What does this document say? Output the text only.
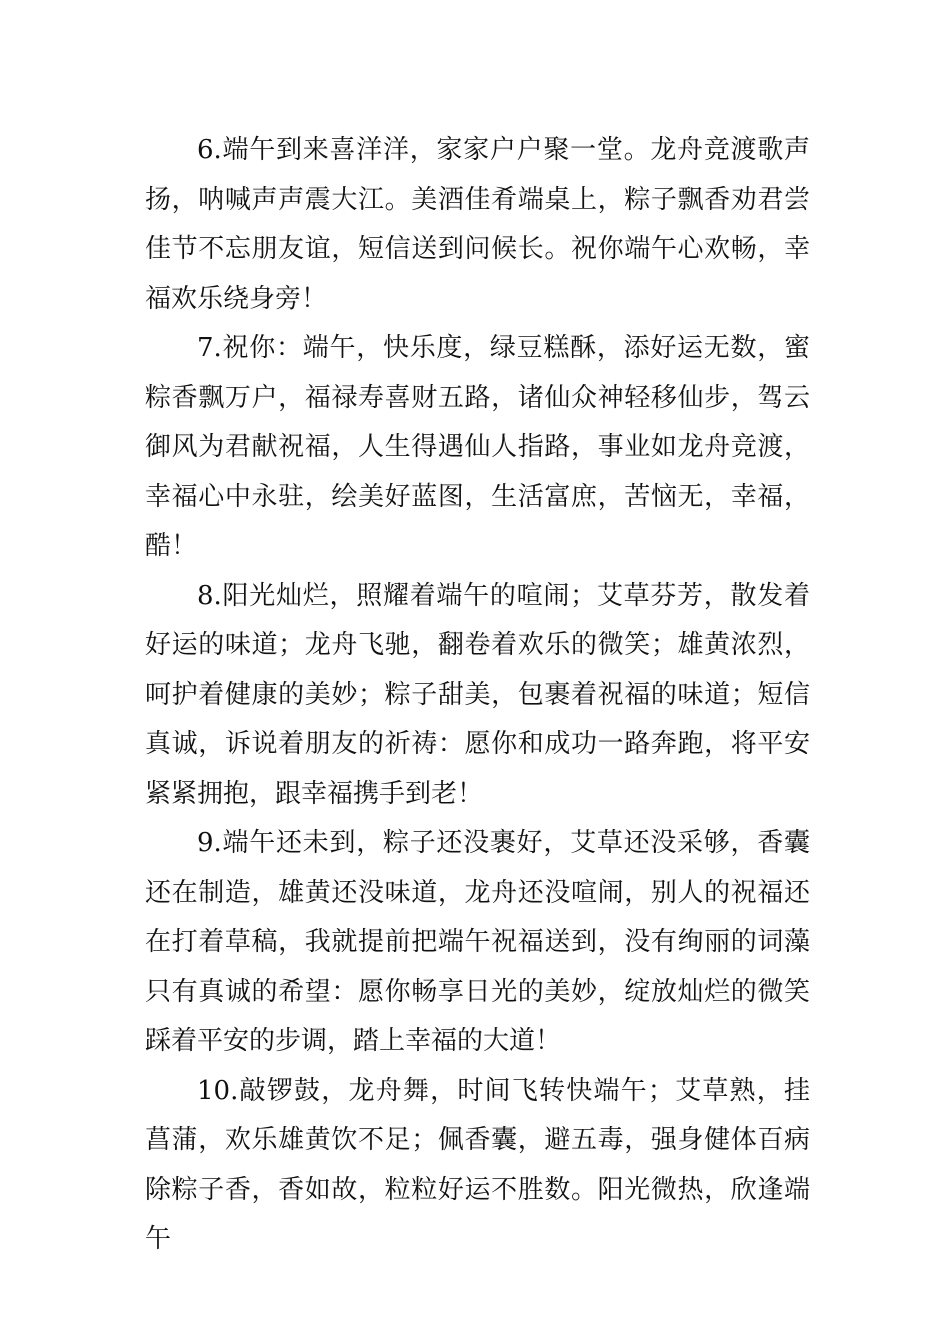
6.端午到来喜洋洋，家家户户聚一堂。龙舟竞渡歌声扬，呐喊声声震大江。美酒佳肴端桌上，粽子飘香劝君尝佳节不忘朋友谊，短信送到问候长。祝你端午心欢畅，幸福欢乐绕身旁！

7.祝你：端午，快乐度，绿豆糕酥，添好运无数，蜜粽香飘万户，福禄寿喜财五路，诸仙众神轻移仙步，驾云御风为君献祝福，人生得遇仙人指路，事业如龙舟竞渡，幸福心中永驻，绘美好蓝图，生活富庶，苦恼无，幸福，酷！

8.阳光灿烂，照耀着端午的喧闹；艾草芬芳，散发着好运的味道；龙舟飞驰，翻卷着欢乐的微笑；雄黄浓烈，呵护着健康的美妙；粽子甜美，包裹着祝福的味道；短信真诚，诉说着朋友的祈祷：愿你和成功一路奔跑，将平安紧紧拥抱，跟幸福携手到老！

9.端午还未到，粽子还没裹好，艾草还没采够，香囊还在制造，雄黄还没味道，龙舟还没喧闹，别人的祝福还在打着草稿，我就提前把端午祝福送到，没有绚丽的词藻只有真诚的希望：愿你畅享日光的美妙，绽放灿烂的微笑踩着平安的步调，踏上幸福的大道！

10.敲锣鼓，龙舟舞，时间飞转快端午；艾草熟，挂菖蒲，欢乐雄黄饮不足；佩香囊，避五毒，强身健体百病除粽子香，香如故，粒粒好运不胜数。阳光微热，欣逢端午
